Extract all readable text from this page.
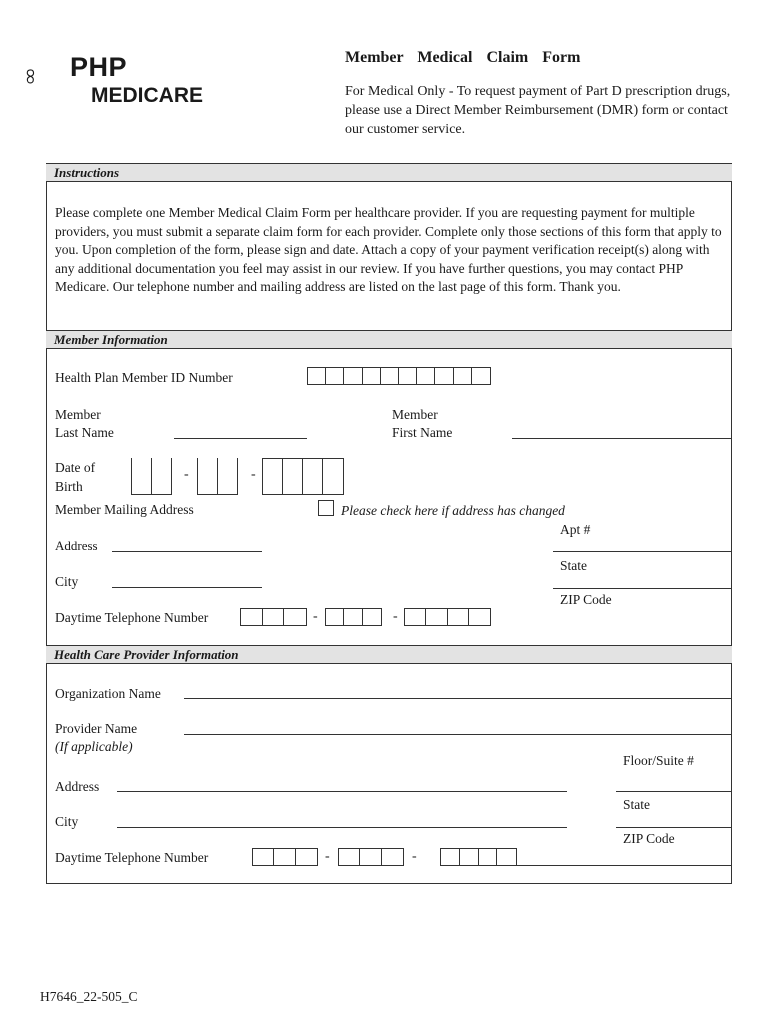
PHP
MEDICARE
Member  Medical  Claim  Form
For Medical Only - To request payment of Part D prescription drugs, please use a Direct Member Reimbursement (DMR) form or contact our customer service.
Instructions
Please complete one Member Medical Claim Form per healthcare provider. If you are requesting payment for multiple providers, you must submit a separate claim form for each provider. Complete only those sections of this form that apply to you. Upon completion of the form, please sign and date. Attach a copy of your payment verification receipt(s) along with any additional documentation you feel may assist in our review. If you have further questions, you may contact PHP Medicare. Our telephone number and mailing address are listed on the last page of this form. Thank you.
Member Information
Health Plan Member ID Number
Member
Last Name
Member
First Name
Date of
Birth
-	-
Member Mailing Address	Please check here if address has changed
Apt #
Address
State
City
ZIP Code
Daytime Telephone Number	-	-
Health Care Provider Information
Organization Name
Provider Name
(If applicable)
Floor/Suite #
Address
State
City
ZIP Code
Daytime Telephone Number	-	-
H7646_22-505_C
